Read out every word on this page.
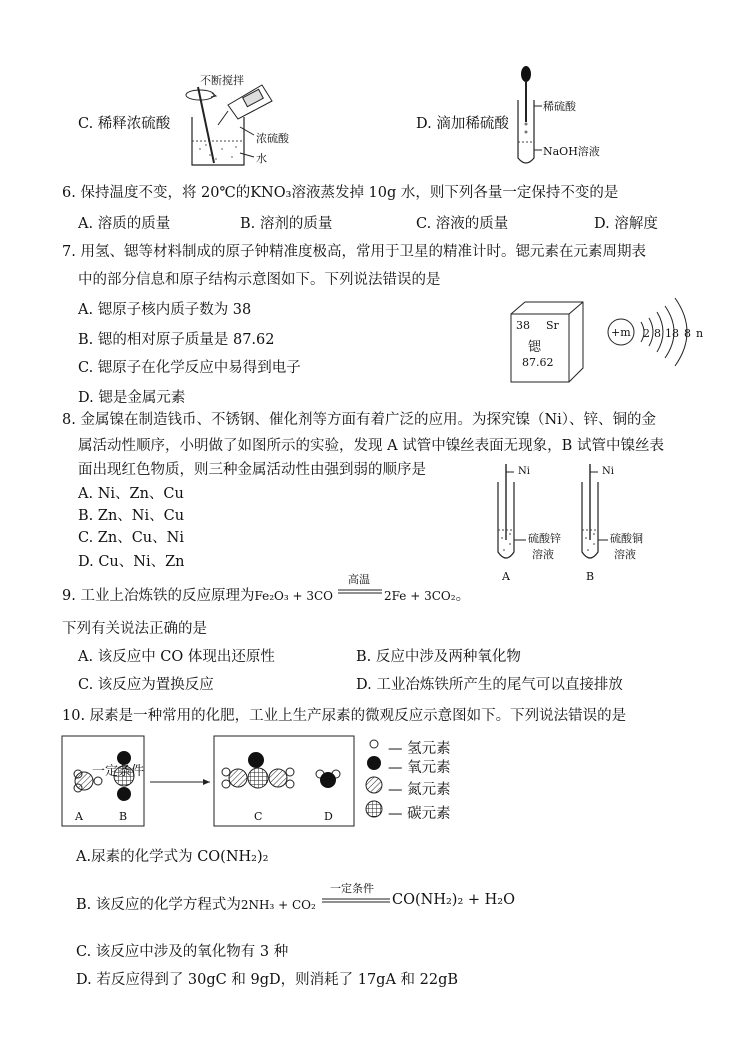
C. 稀释浓硫酸
不断搅拌
浓硫酸
水
D. 滴加稀硫酸
稀硫酸
NaOH溶液
6. 保持温度不变，将 20℃的KNO₃溶液蒸发掉 10g 水，则下列各量一定保持不变的是
A. 溶质的质量	B. 溶剂的质量	C. 溶液的质量	D. 溶解度
7. 用氢、锶等材料制成的原子钟精准度极高，常用于卫星的精准计时。锶元素在元素周期表
中的部分信息和原子结构示意图如下。下列说法错误的是
A. 锶原子核内质子数为 38
B. 锶的相对原子质量是 87.62
C. 锶原子在化学反应中易得到电子
D. 锶是金属元素
38 Sr
锶
87.62
+m 2 8 18 8 n
8. 金属镍在制造钱币、不锈钢、催化剂等方面有着广泛的应用。为探究镍（Ni）、锌、铜的金
属活动性顺序，小明做了如图所示的实验，发现 A 试管中镍丝表面无现象，B 试管中镍丝表
面出现红色物质，则三种金属活动性由强到弱的顺序是
A. Ni、Zn、Cu
B. Zn、Ni、Cu
C. Zn、Cu、Ni
D. Cu、Ni、Zn
Ni	Ni
硫酸锌
溶液
硫酸铜
溶液
A	B
9. 工业上冶炼铁的反应原理为Fe₂O₃ + 3CO
高温
2Fe + 3CO₂。
下列有关说法正确的是
A. 该反应中 CO 体现出还原性	B. 反应中涉及两种氧化物
C. 该反应为置换反应	D. 工业冶炼铁所产生的尾气可以直接排放
10. 尿素是一种常用的化肥，工业上生产尿素的微观反应示意图如下。下列说法错误的是
一定条件
A	B	C	D
— 氢元素
— 氧元素
— 氮元素
— 碳元素
A.尿素的化学式为 CO(NH₂)₂
B. 该反应的化学方程式为2NH₃ + CO₂
一定条件
CO(NH₂)₂ + H₂O
C. 该反应中涉及的氧化物有 3 种
D. 若反应得到了 30gC 和 9gD，则消耗了 17gA 和 22gB
